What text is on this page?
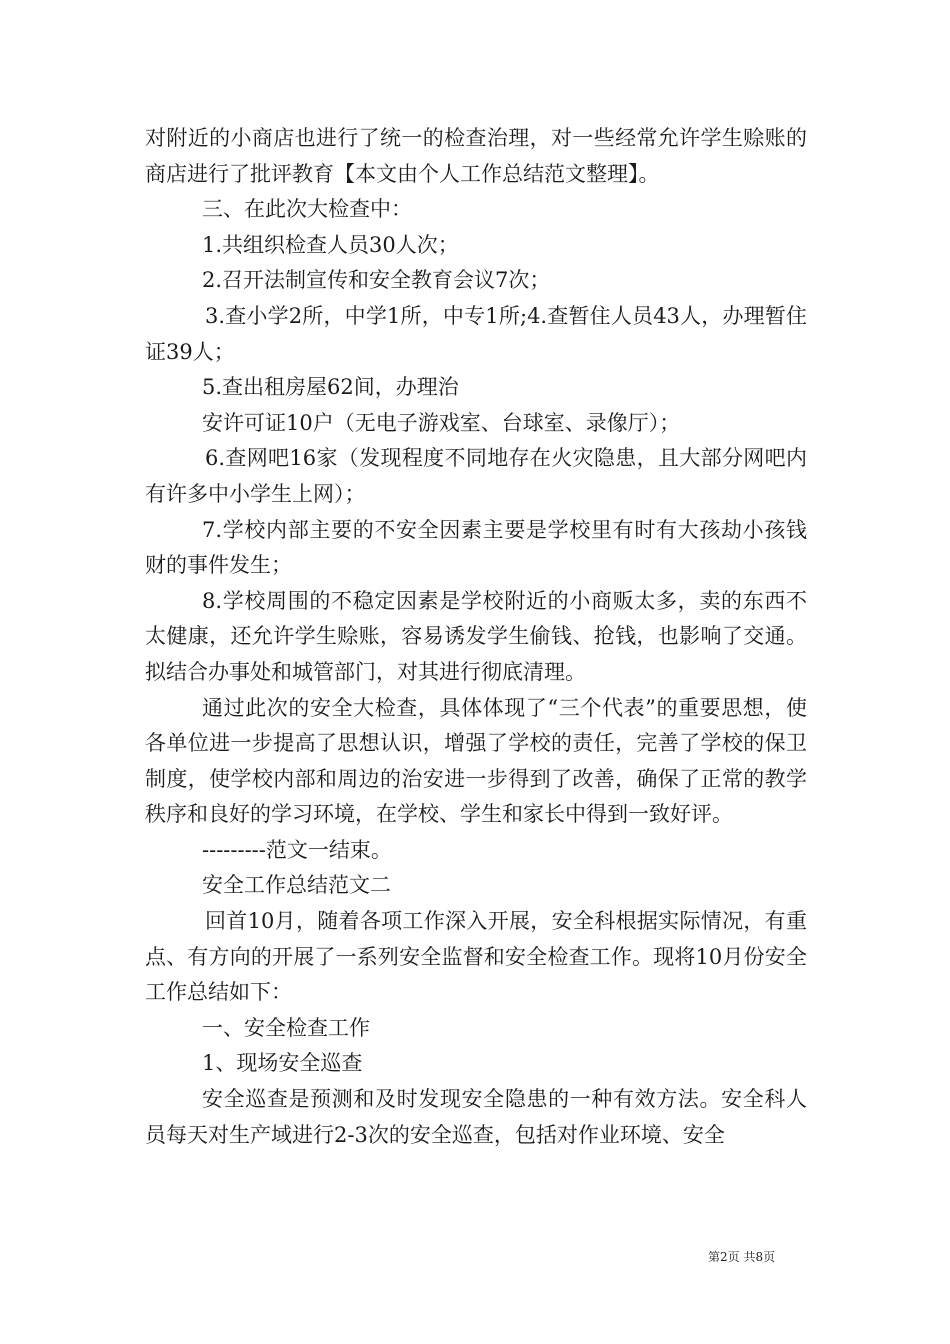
对附近的小商店也进行了统一的检查治理，对一些经常允许学生赊账的商店进行了批评教育【本文由个人工作总结范文整理】。

三、在此次大检查中：

1.共组织检查人员30人次；

2.召开法制宣传和安全教育会议7次；

3.查小学2所，中学1所，中专1所;4.查暂住人员43人，办理暂住证39人；

5.查出租房屋62间，办理治

安许可证10户（无电子游戏室、台球室、录像厅）；

6.查网吧16家（发现程度不同地存在火灾隐患，且大部分网吧内有许多中小学生上网）；

7.学校内部主要的不安全因素主要是学校里有时有大孩劫小孩钱财的事件发生；

8.学校周围的不稳定因素是学校附近的小商贩太多，卖的东西不太健康，还允许学生赊账，容易诱发学生偷钱、抢钱，也影响了交通。拟结合办事处和城管部门，对其进行彻底清理。

通过此次的安全大检查，具体体现了“三个代表”的重要思想，使各单位进一步提高了思想认识，增强了学校的责任，完善了学校的保卫制度，使学校内部和周边的治安进一步得到了改善，确保了正常的教学秩序和良好的学习环境，在学校、学生和家长中得到一致好评。

---------范文一结束。

安全工作总结范文二

回首10月，随着各项工作深入开展，安全科根据实际情况，有重点、有方向的开展了一系列安全监督和安全检查工作。现将10月份安全工作总结如下：

一、安全检查工作

1、现场安全巡查

安全巡查是预测和及时发现安全隐患的一种有效方法。安全科人员每天对生产域进行2-3次的安全巡查，包括对作业环境、安全

第2页 共8页
